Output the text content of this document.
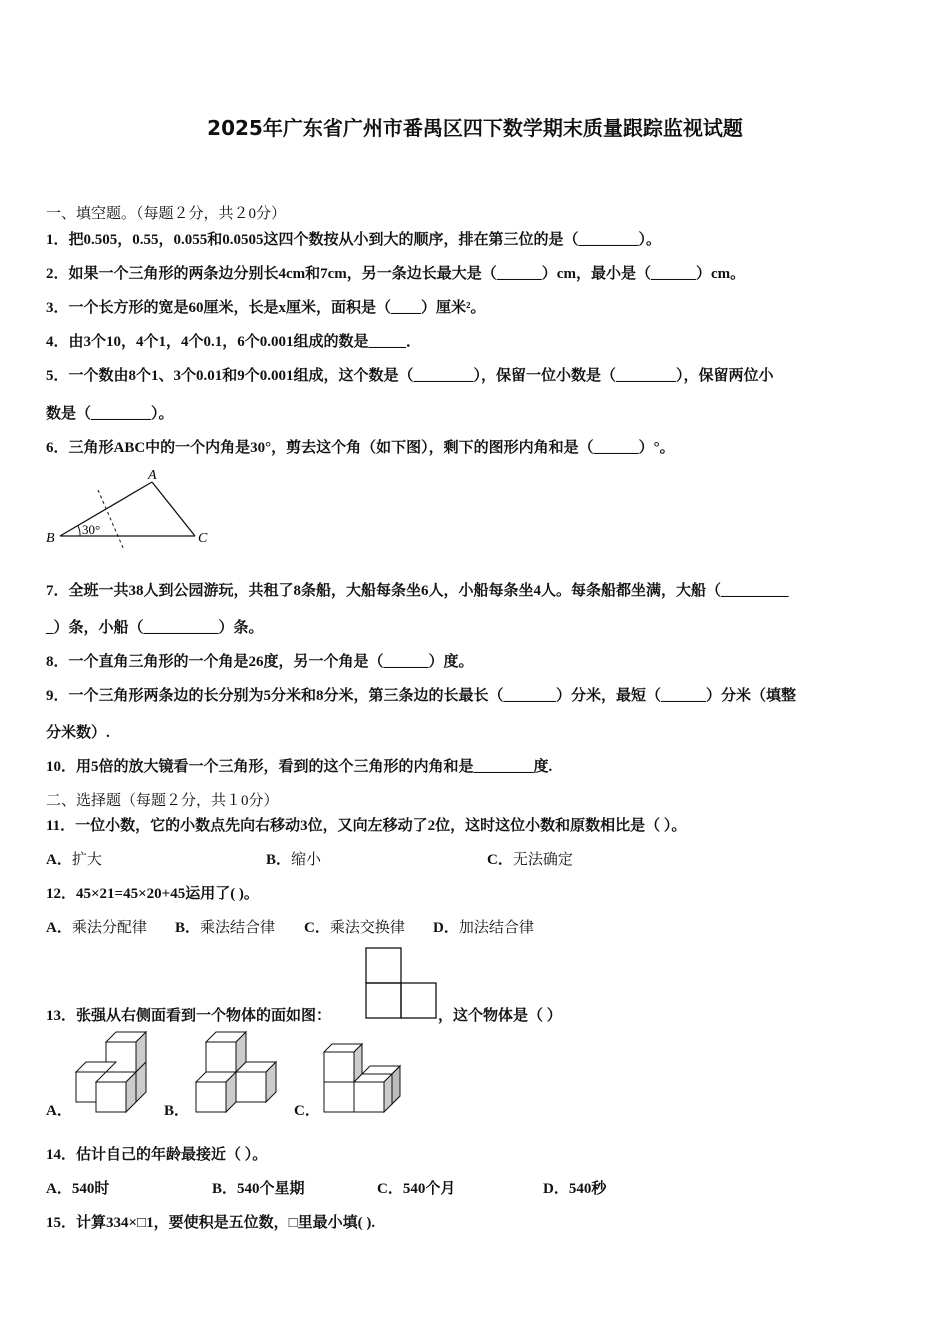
2025年广东省广州市番禺区四下数学期末质量跟踪监视试题
一、填空题。（每题２分，共２0分）
1．把0.505，0.55，0.055和0.0505这四个数按从小到大的顺序，排在第三位的是（________）。
2．如果一个三角形的两条边分别长4cm和7cm，另一条边长最大是（______）cm，最小是（______）cm。
3．一个长方形的宽是60厘米，长是x厘米，面积是（____）厘米²。
4．由3个10，4个1，4个0.1，6个0.001组成的数是_____．
5．一个数由8个1、3个0.01和9个0.001组成，这个数是（________），保留一位小数是（________），保留两位小
数是（________）。
6．三角形ABC中的一个内角是30°，剪去这个角（如下图），剩下的图形内角和是（______）°。
A
B	C
30°
7．全班一共38人到公园游玩，共租了8条船，大船每条坐6人，小船每条坐4人。每条船都坐满，大船（_________
_）条，小船（__________）条。
8．一个直角三角形的一个角是26度，另一个角是（______）度。
9．一个三角形两条边的长分别为5分米和8分米，第三条边的长最长（_______）分米，最短（______）分米（填整
分米数）.
10．用5倍的放大镜看一个三角形，看到的这个三角形的内角和是________度.
二、选择题（每题２分，共１0分）
11．一位小数，它的小数点先向右移动3位，又向左移动了2位，这时这位小数和原数相比是（ ）。
A．扩大	B．缩小	C．无法确定
12．45×21=45×20+45运用了( )。
A．乘法分配律 B．乘法结合律 C．乘法交换律 D．加法结合律
13．张强从右侧面看到一个物体的面如图：	，这个物体是（ ）
A．	B．	C．
14．估计自己的年龄最接近（ ）。
A．540时	B．540个星期	C．540个月	D．540秒
15．计算334×□1，要使积是五位数，□里最小填( ).
